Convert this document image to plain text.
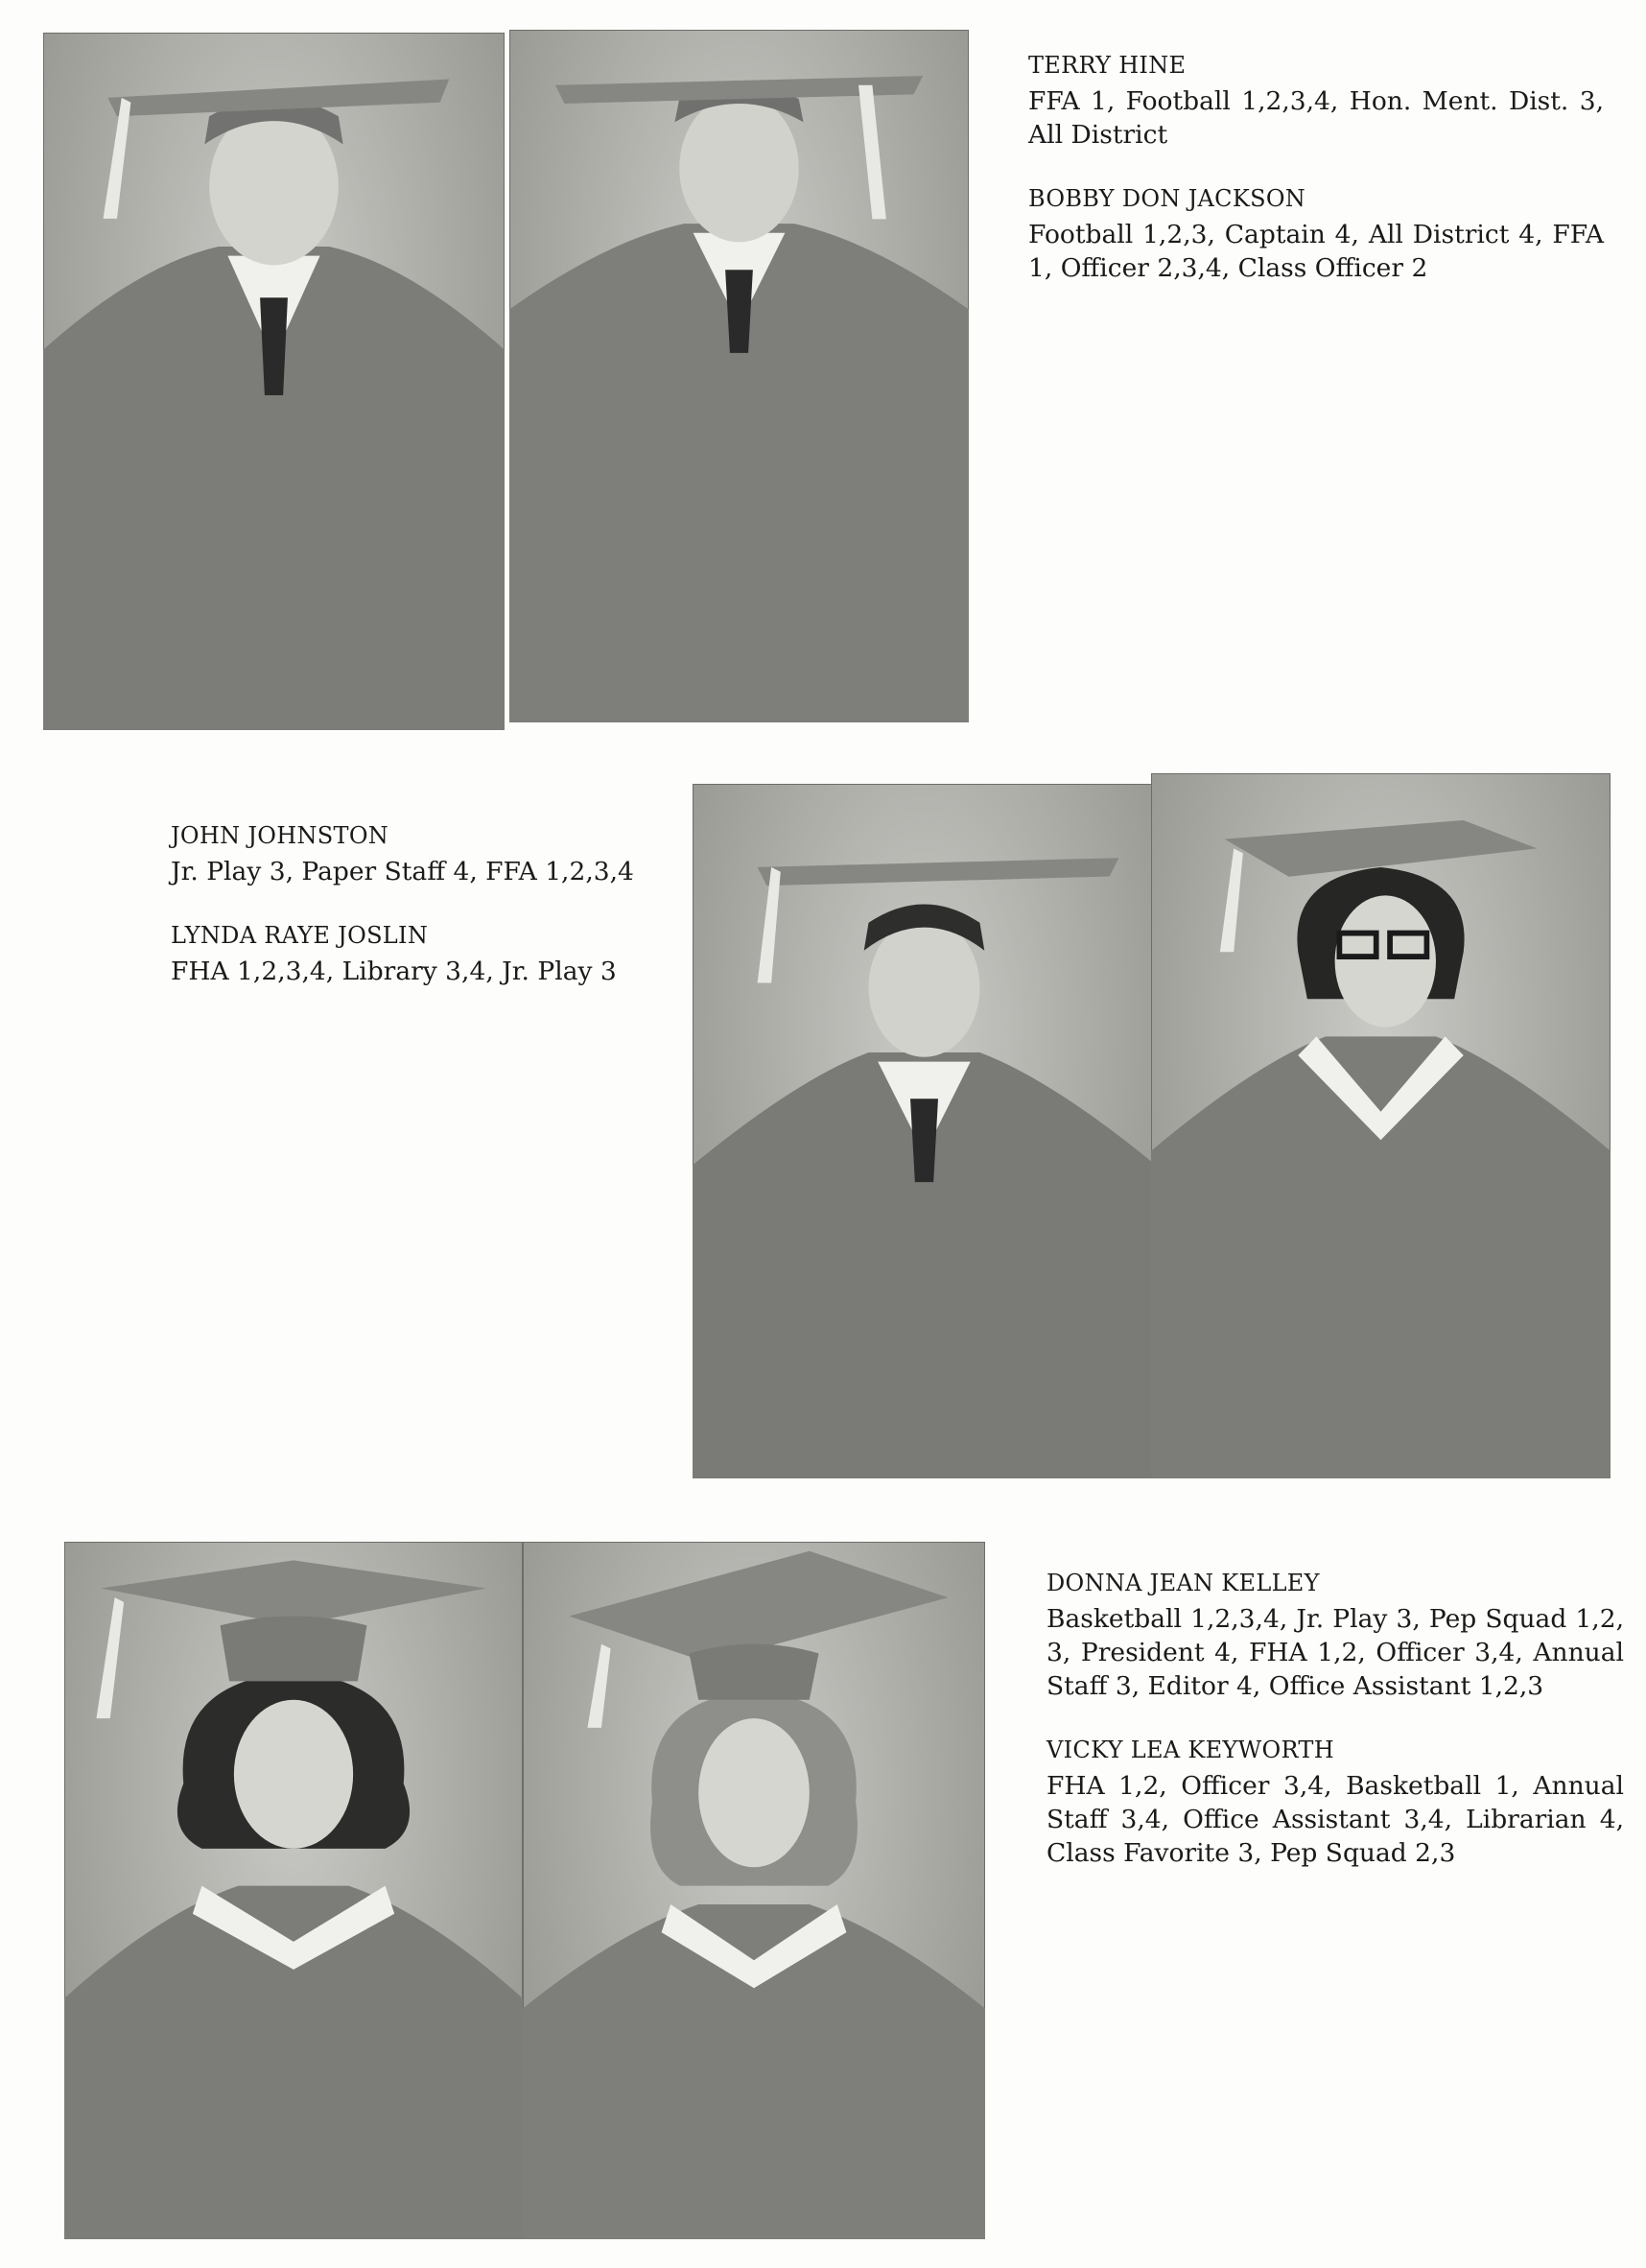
TERRY HINE
FFA 1, Football 1,2,3,4, Hon. Ment. Dist. 3, All District
BOBBY DON JACKSON
Football 1,2,3, Captain 4, All District 4, FFA 1, Officer 2,3,4, Class Officer 2
JOHN JOHNSTON
Jr. Play 3, Paper Staff 4, FFA 1,2,3,4
LYNDA RAYE JOSLIN
FHA 1,2,3,4, Library 3,4, Jr. Play 3
DONNA JEAN KELLEY
Basketball 1,2,3,4, Jr. Play 3, Pep Squad 1,2, 3, President 4, FHA 1,2, Officer 3,4, Annual Staff 3, Editor 4, Office Assistant 1,2,3
VICKY LEA KEYWORTH
FHA 1,2, Officer 3,4, Basketball 1, Annual Staff 3,4, Office Assistant 3,4, Librarian 4, Class Favorite 3, Pep Squad 2,3
